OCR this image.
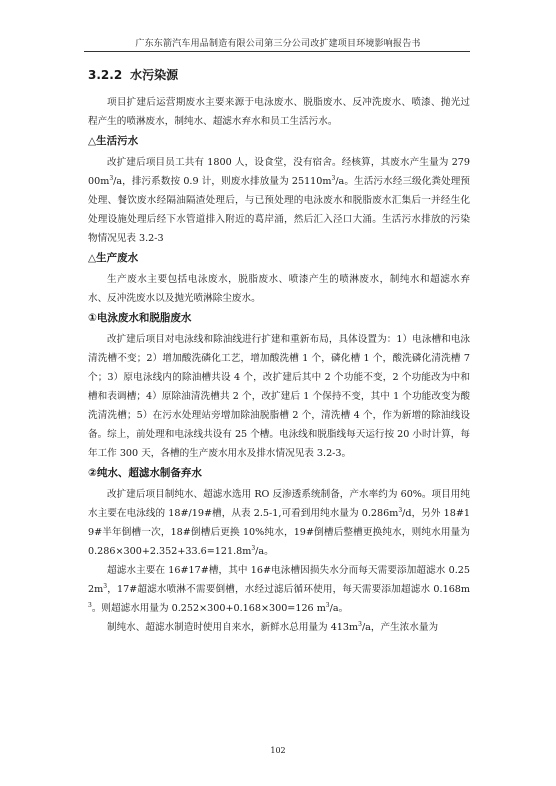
广东东箭汽车用品制造有限公司第三分公司改扩建项目环境影响报告书
3.2.2 水污染源

项目扩建后运营期废水主要来源于电泳废水、脱脂废水、反冲洗废水、喷漆、抛光过程产生的喷淋废水，制纯水、超滤水弃水和员工生活污水。

△生活污水

改扩建后项目员工共有 1800 人，设食堂，没有宿舍。经核算，其废水产生量为 $27900m^3/a$，排污系数按 0.9 计，则废水排放量为 $25110m^3/a$。生活污水经三级化粪处理预处理、餐饮废水经隔油隔渣处理后，与已预处理的电泳废水和脱脂废水汇集后一并经生化处理设施处理后经下水管道排入附近的葛岸涌，然后汇入泾口大涌。生活污水排放的污染物情况见表 3.2-3

△生产废水

生产废水主要包括电泳废水，脱脂废水、喷漆产生的喷淋废水，制纯水和超滤水弃水、反冲洗废水以及抛光喷淋除尘废水。

①电泳废水和脱脂废水

改扩建后项目对电泳线和除油线进行扩建和重新布局，具体设置为：1）电泳槽和电泳清洗槽不变；2）增加酸洗磷化工艺，增加酸洗槽 1 个，磷化槽 1 个，酸洗磷化清洗槽 7 个；3）原电泳线内的除油槽共设 4 个，改扩建后其中 2 个功能不变，2 个功能改为中和槽和表调槽；4）原除油清洗槽共 2 个，改扩建后 1 个保持不变，其中 1 个功能改变为酸洗清洗槽；5）在污水处理站旁增加除油脱脂槽 2 个，清洗槽 4 个，作为新增的除油线设备。综上，前处理和电泳线共设有 25 个槽。电泳线和脱脂线每天运行按 20 小时计算，每年工作 300 天，各槽的生产废水用水及排水情况见表 3.2-3。

②纯水、超滤水制备弃水

改扩建后项目制纯水、超滤水选用 RO 反渗透系统制备，产水率约为 60%。项目用纯水主要在电泳线的 18#/19#槽，从表 2.5-1,可看到用纯水量为 $0.286m^3/d$，另外 18#19#半年倒槽一次，18#倒槽后更换 10%纯水，19#倒槽后整槽更换纯水，则纯水用量为 $0.286\times 300+2.352+33.6=121.8m^3/a$。

超滤水主要在 16#17#槽，其中 16#电泳槽因损失水分而每天需要添加超滤水 $0.252m^3$，17#超滤水喷淋不需要倒槽，水经过滤后循环使用，每天需要添加超滤水 $0.168m^3$。则超滤水用量为 0.252×300+0.168×300=126 $m^3/a$。

制纯水、超滤水制造时使用自来水，新鲜水总用量为 $413m^3/a$，产生浓水量为

102
